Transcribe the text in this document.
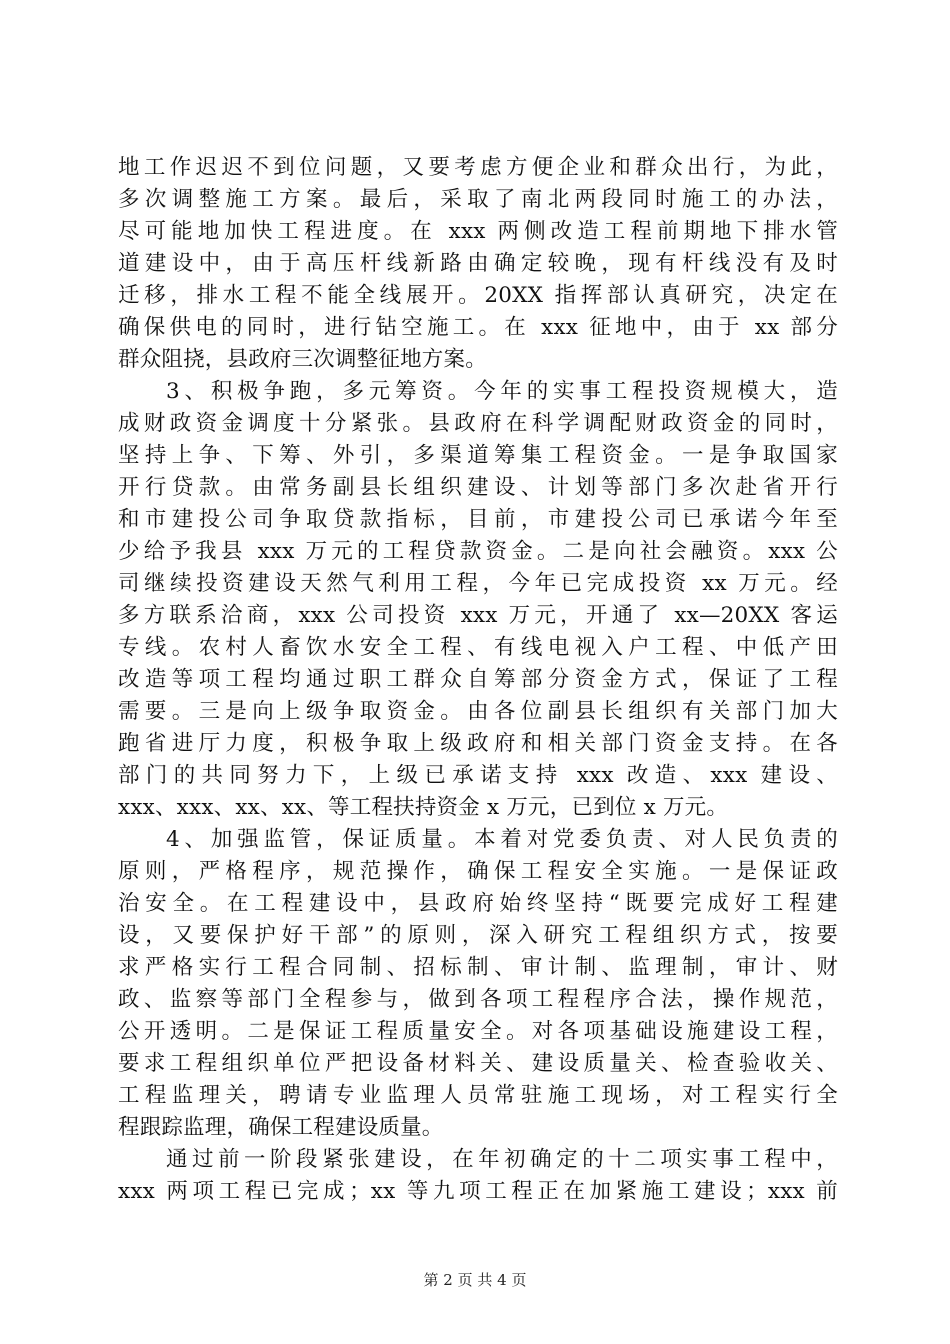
地工作迟迟不到位问题，又要考虑方便企业和群众出行，为此，
多次调整施工方案。最后，采取了南北两段同时施工的办法，
尽可能地加快工程进度。在 xxx 两侧改造工程前期地下排水管
道建设中，由于高压杆线新路由确定较晚，现有杆线没有及时
迁移，排水工程不能全线展开。20XX 指挥部认真研究，决定在
确保供电的同时，进行钻空施工。在 xxx 征地中，由于 xx 部分
群众阻挠，县政府三次调整征地方案。
3、积极争跑，多元筹资。今年的实事工程投资规模大，造
成财政资金调度十分紧张。县政府在科学调配财政资金的同时，
坚持上争、下筹、外引，多渠道筹集工程资金。一是争取国家
开行贷款。由常务副县长组织建设、计划等部门多次赴省开行
和市建投公司争取贷款指标，目前，市建投公司已承诺今年至
少给予我县 xxx 万元的工程贷款资金。二是向社会融资。xxx 公
司继续投资建设天然气利用工程，今年已完成投资 xx 万元。经
多方联系洽商，xxx 公司投资 xxx 万元，开通了 xx—20XX 客运
专线。农村人畜饮水安全工程、有线电视入户工程、中低产田
改造等项工程均通过职工群众自筹部分资金方式，保证了工程
需要。三是向上级争取资金。由各位副县长组织有关部门加大
跑省进厅力度，积极争取上级政府和相关部门资金支持。在各
部门的共同努力下，上级已承诺支持 xxx 改造、xxx 建设、
xxx、xxx、xx、xx、等工程扶持资金 x 万元，已到位 x 万元。
4、加强监管，保证质量。本着对党委负责、对人民负责的
原则，严格程序，规范操作，确保工程安全实施。一是保证政
治安全。在工程建设中，县政府始终坚持“既要完成好工程建
设，又要保护好干部”的原则，深入研究工程组织方式，按要
求严格实行工程合同制、招标制、审计制、监理制，审计、财
政、监察等部门全程参与，做到各项工程程序合法，操作规范，
公开透明。二是保证工程质量安全。对各项基础设施建设工程，
要求工程组织单位严把设备材料关、建设质量关、检查验收关、
工程监理关，聘请专业监理人员常驻施工现场，对工程实行全
程跟踪监理，确保工程建设质量。
通过前一阶段紧张建设，在年初确定的十二项实事工程中，
xxx 两项工程已完成；xx 等九项工程正在加紧施工建设；xxx 前
第 2 页 共 4 页
